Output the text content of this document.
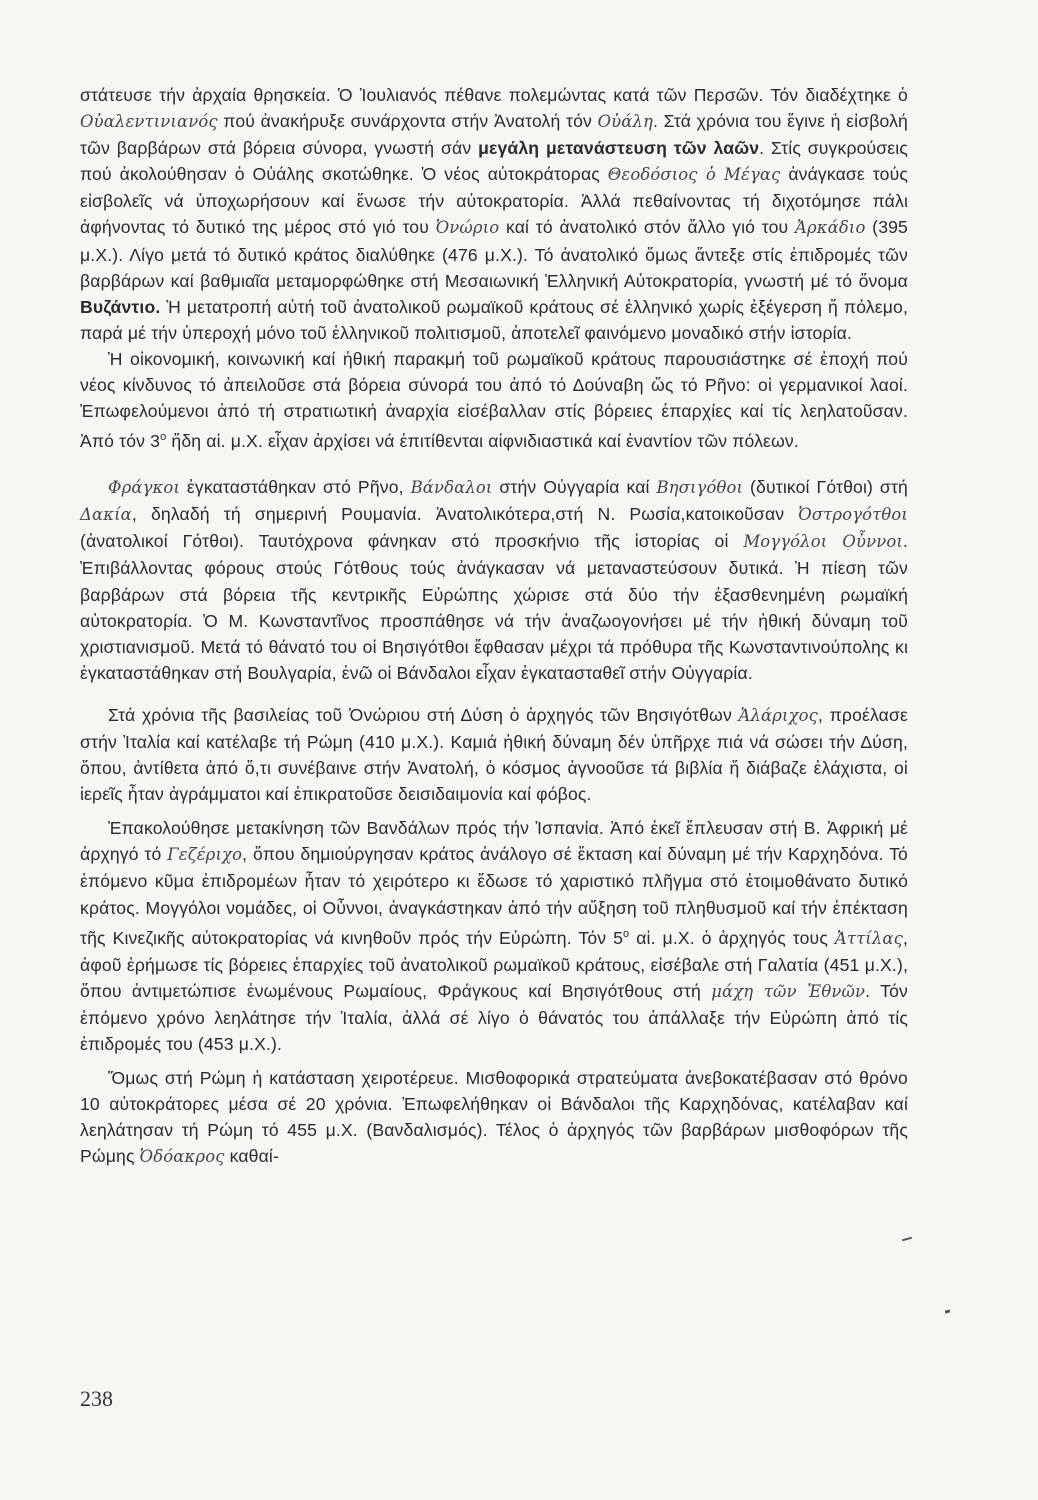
στάτευσε τήν ἀρχαία θρησκεία. Ὁ Ἰουλιανός πέθανε πολεμώντας κατά τῶν Περσῶν. Τόν διαδέχτηκε ὁ Οὐαλεντινιανός πού ἀνακήρυξε συνάρχοντα στήν Ἀνατολή τόν Οὐάλη. Στά χρόνια του ἔγινε ἡ εἰσβολή τῶν βαρβάρων στά βόρεια σύνορα, γνωστή σάν μεγάλη μετανάστευση τῶν λαῶν. Στίς συγκρούσεις πού ἀκολούθησαν ὁ Οὐάλης σκοτώθηκε. Ὁ νέος αὐτοκράτορας Θεοδόσιος ὁ Μέγας ἀνάγκασε τούς εἰσβολεῖς νά ὑποχωρήσουν καί ἕνωσε τήν αὐτοκρατορία. Ἀλλά πεθαίνοντας τή διχοτόμησε πάλι ἀφήνοντας τό δυτικό της μέρος στό γιό του Ὀνώριο καί τό ἀνατολικό στόν ἄλλο γιό του Ἀρκάδιο (395 μ.Χ.). Λίγο μετά τό δυτικό κράτος διαλύθηκε (476 μ.Χ.). Τό ἀνατολικό ὅμως ἄντεξε στίς ἐπιδρομές τῶν βαρβάρων καί βαθμιαῖα μεταμορφώθηκε στή Μεσαιωνική Ἑλληνική Αὐτοκρατορία, γνωστή μέ τό ὄνομα Βυζάντιο. Ἡ μετατροπή αὐτή τοῦ ἀνατολικοῦ ρωμαϊκοῦ κράτους σέ ἑλληνικό χωρίς ἐξέγερση ἤ πόλεμο, παρά μέ τήν ὑπεροχή μόνο τοῦ ἑλληνικοῦ πολιτισμοῦ, ἀποτελεῖ φαινόμενο μοναδικό στήν ἱστορία.

Ἡ οἰκονομική, κοινωνική καί ἠθική παρακμή τοῦ ρωμαϊκοῦ κράτους παρουσιάστηκε σέ ἐποχή πού νέος κίνδυνος τό ἀπειλοῦσε στά βόρεια σύνορά του ἀπό τό Δούναβη ὥς τό Ρῆνο: οἱ γερμανικοί λαοί. Ἐπωφελούμενοι ἀπό τή στρατιωτική ἀναρχία εἰσέβαλλαν στίς βόρειες ἐπαρχίες καί τίς λεηλατοῦσαν. Ἀπό τόν $3^o$ ἤδη αἱ. μ.Χ. εἶχαν ἀρχίσει νά ἐπιτίθενται αἰφνιδιαστικά καί ἐναντίον τῶν πόλεων.

Φράγκοι ἐγκαταστάθηκαν στό Ρῆνο, Βάνδαλοι στήν Οὐγγαρία καί Βησιγόθοι (δυτικοί Γότθοι) στή Δακία, δηλαδή τή σημερινή Ρουμανία. Ἀνατολικότερα,στή Ν. Ρωσία,κατοικοῦσαν Ὀστρογότθοι (ἀνατολικοί Γότθοι). Ταυτόχρονα φάνηκαν στό προσκήνιο τῆς ἱστορίας οἱ Μογγόλοι Οὖννοι. Ἐπιβάλλοντας φόρους στούς Γότθους τούς ἀνάγκασαν νά μεταναστεύσουν δυτικά. Ἡ πίεση τῶν βαρβάρων στά βόρεια τῆς κεντρικῆς Εὐρώπης χώρισε στά δύο τήν ἐξασθενημένη ρωμαϊκή αὐτοκρατορία. Ὁ Μ. Κωνσταντῖνος προσπάθησε νά τήν ἀναζωογονήσει μέ τήν ἠθική δύναμη τοῦ χριστιανισμοῦ. Μετά τό θάνατό του οἱ Βησιγότθοι ἔφθασαν μέχρι τά πρόθυρα τῆς Κωνσταντινούπολης κι ἐγκαταστάθηκαν στή Βουλγαρία, ἐνῶ οἱ Βάνδαλοι εἶχαν ἐγκατασταθεῖ στήν Οὐγγαρία.

Στά χρόνια τῆς βασιλείας τοῦ Ὀνώριου στή Δύση ὁ ἀρχηγός τῶν Βησιγότθων Ἀλάριχος, προέλασε στήν Ἰταλία καί κατέλαβε τή Ρώμη (410 μ.Χ.). Καμιά ἠθική δύναμη δέν ὑπῆρχε πιά νά σώσει τήν Δύση, ὅπου, ἀντίθετα ἀπό ὅ,τι συνέβαινε στήν Ἀνατολή, ὁ κόσμος ἀγνοοῦσε τά βιβλία ἤ διάβαζε ἐλάχιστα, οἱ ἱερεῖς ἦταν ἀγράμματοι καί ἐπικρατοῦσε δεισιδαιμονία καί φόβος.

Ἐπακολούθησε μετακίνηση τῶν Βανδάλων πρός τήν Ἰσπανία. Ἀπό ἐκεῖ ἔπλευσαν στή Β. Ἀφρική μέ ἀρχηγό τό Γεζέριχο, ὅπου δημιούργησαν κράτος ἀνάλογο σέ ἔκταση καί δύναμη μέ τήν Καρχηδόνα. Τό ἑπόμενο κῦμα ἐπιδρομέων ἦταν τό χειρότερο κι ἔδωσε τό χαριστικό πλῆγμα στό ἑτοιμοθάνατο δυτικό κράτος. Μογγόλοι νομάδες, οἱ Οὖννοι, ἀναγκάστηκαν ἀπό τήν αὔξηση τοῦ πληθυσμοῦ καί τήν ἐπέκταση τῆς Κινεζικῆς αὐτοκρατορίας νά κινηθοῦν πρός τήν Εὐρώπη. Τόν $5^o$ αἱ. μ.Χ. ὁ ἀρχηγός τους Ἀττίλας, ἀφοῦ ἐρήμωσε τίς βόρειες ἐπαρχίες τοῦ ἀνατολικοῦ ρωμαϊκοῦ κράτους, εἰσέβαλε στή Γαλατία (451 μ.Χ.), ὅπου ἀντιμετώπισε ἑνωμένους Ρωμαίους, Φράγκους καί Βησιγότθους στή μάχη τῶν Ἐθνῶν. Τόν ἑπόμενο χρόνο λεηλάτησε τήν Ἰταλία, ἀλλά σέ λίγο ὁ θάνατός του ἀπάλλαξε τήν Εὐρώπη ἀπό τίς ἐπιδρομές του (453 μ.Χ.).

Ὅμως στή Ρώμη ἡ κατάσταση χειροτέρευε. Μισθοφορικά στρατεύματα ἀνεβοκατέβασαν στό θρόνο 10 αὐτοκράτορες μέσα σέ 20 χρόνια. Ἐπωφελήθηκαν οἱ Βάνδαλοι τῆς Καρχηδόνας, κατέλαβαν καί λεηλάτησαν τή Ρώμη τό 455 μ.Χ. (Βανδαλισμός). Τέλος ὁ ἀρχηγός τῶν βαρβάρων μισθοφόρων τῆς Ρώμης Ὀδόακρος καθαί-

238
